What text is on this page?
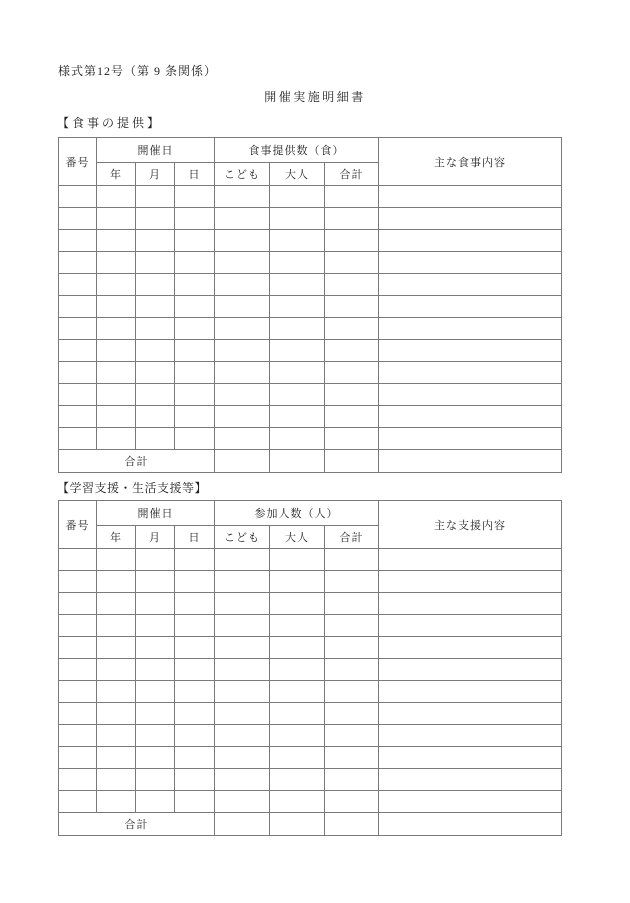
様式第12号（第 9 条関係）
開催実施明細書
【食事の提供】
番号	開催日			食事提供数（食）			主な食事内容
	年	月	日	こども	大人	合計	

合計							
【学習支援・生活支援等】
番号	開催日			参加人数（人）			主な支援内容
	年	月	日	こども	大人	合計	

合計							
